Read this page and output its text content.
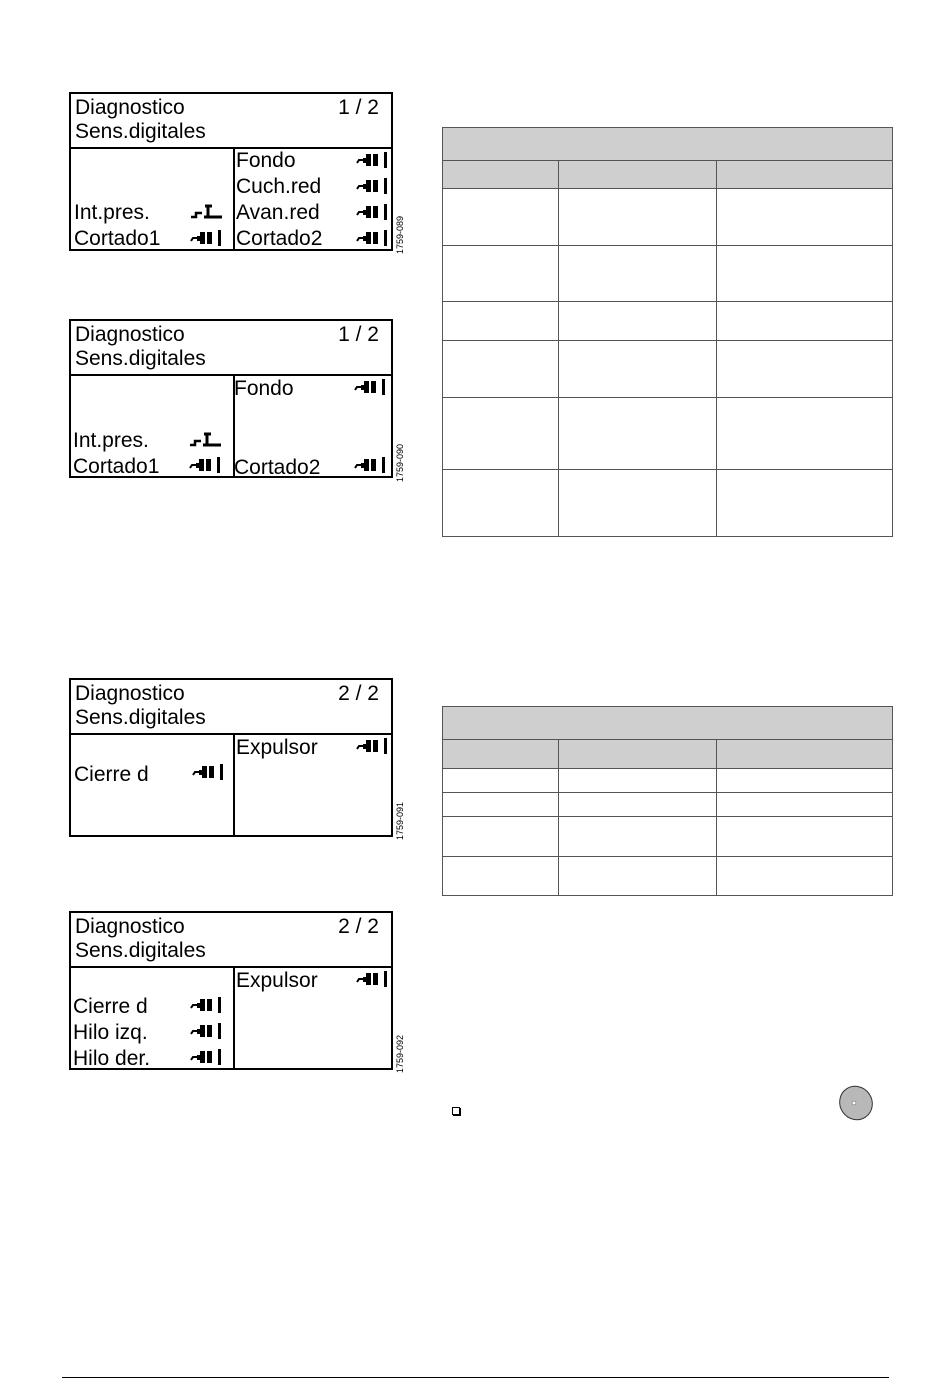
Diagnostico
Sens.digitales
1 / 2
Fondo
Cuch.red
Int.pres.	Avan.red
Cortado1	Cortado2	1759-089
Diagnostico
Sens.digitales
1 / 2
Fondo
Int.pres.
Cortado1	Cortado2	1759-090
Diagnostico
Sens.digitales
2 / 2
Expulsor
Cierre d
1759-091
Diagnostico
Sens.digitales
2 / 2
Expulsor
Cierre d
Hilo izq.
Hilo der.	1759-092
